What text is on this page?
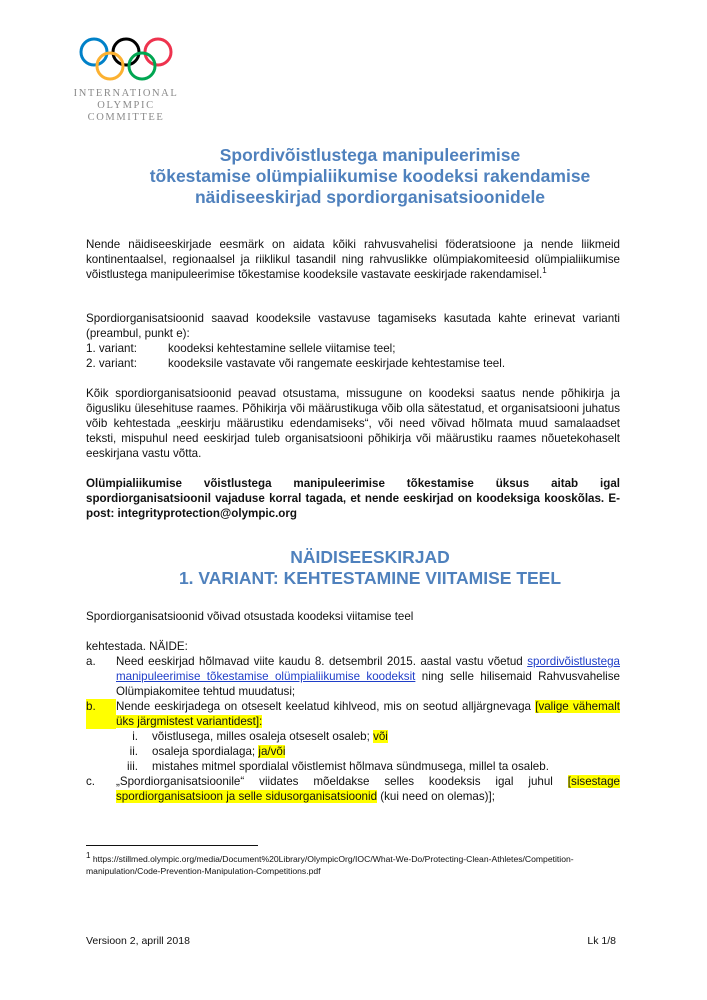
INTERNATIONAL
OLYMPIC
COMMITTEE
Spordivõistlustega manipuleerimise
tõkestamise olümpialiikumise koodeksi rakendamise
näidiseeskirjad spordiorganisatsioonidele
Nende näidiseeskirjade eesmärk on aidata kõiki rahvusvahelisi föderatsioone ja nende liikmeid kontinentaalsel, regionaalsel ja riiklikul tasandil ning rahvuslikke olümpiakomiteesid olümpialiikumise võistlustega manipuleerimise tõkestamise koodeksile vastavate eeskirjade rakendamisel.$^1$

Spordiorganisatsioonid saavad koodeksile vastavuse tagamiseks kasutada kahte erinevat varianti (preambul, punkt e):

1. variant:	koodeksi kehtestamine sellele viitamise teel;
2. variant:	koodeksile vastavate või rangemate eeskirjade kehtestamise teel.
Kõik spordiorganisatsioonid peavad otsustama, missugune on koodeksi saatus nende põhikirja ja õigusliku ülesehituse raames. Põhikirja või määrustikuga võib olla sätestatud, et organisatsiooni juhatus võib kehtestada „eeskirju määrustiku edendamiseks“, või need võivad hõlmata muud samalaadset teksti, mispuhul need eeskirjad tuleb organisatsiooni põhikirja või määrustiku raames nõuetekohaselt eeskirjana vastu võtta.
Olümpialiikumise võistlustega manipuleerimise tõkestamise üksus aitab igal spordiorganisatsioonil vajaduse korral tagada, et nende eeskirjad on koodeksiga kooskõlas. E-post: integrityprotection@olympic.org
NÄIDISEESKIRJAD
1. VARIANT: KEHTESTAMINE VIITAMISE TEEL
Spordiorganisatsioonid võivad otsustada koodeksi viitamise teel
kehtestada. NÄIDE:
a.	Need eeskirjad hõlmavad viite kaudu 8. detsembril 2015. aastal vastu võetud spordivõistlustega manipuleerimise tõkestamise olümpialiikumise koodeksit ning selle hilisemaid Rahvusvahelise Olümpiakomitee tehtud muudatusi;
b.	Nende eeskirjadega on otseselt keelatud kihlveod, mis on seotud alljärgnevaga [valige vähemalt üks järgmistest variantidest]:
i.	võistlusega, milles osaleja otseselt osaleb; või
ii.	osaleja spordialaga; ja/või
iii.	mistahes mitmel spordialal võistlemist hõlmava sündmusega, millel ta osaleb.
c.	„Spordiorganisatsioonile“ viidates mõeldakse selles koodeksis igal juhul [sisestage spordiorganisatsioon ja selle sidusorganisatsioonid (kui need on olemas)];
$^1$ https://stillmed.olympic.org/media/Document%20Library/OlympicOrg/IOC/What-We-Do/Protecting-Clean-Athletes/Competition-manipulation/Code-Prevention-Manipulation-Competitions.pdf
Versioon 2, aprill 2018	Lk 1/8
